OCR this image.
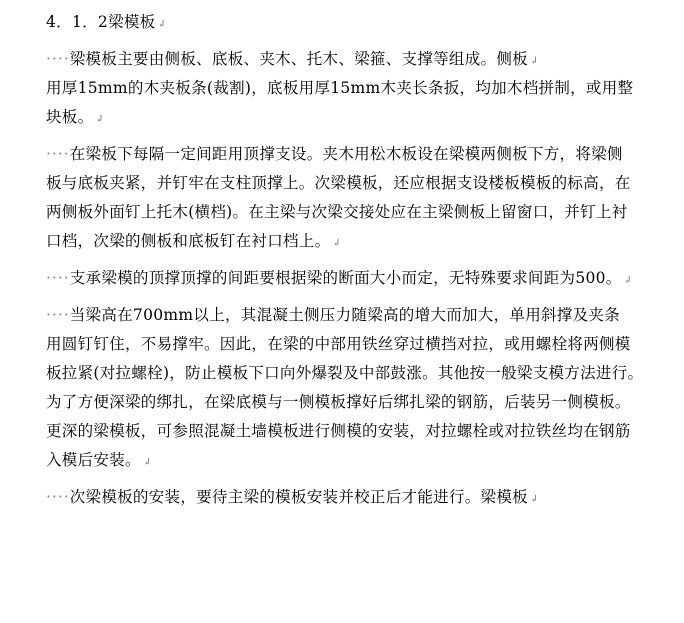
4．1．2梁模板 ↲
····梁模板主要由侧板、底板、夹木、托木、梁箍、支撑等组成。侧板 ↲
用厚15mm的木夹板条(裁割)，底板用厚15mm木夹长条扳，均加木档拼制，或用整
块板。 ↲
····在梁板下每隔一定间距用顶撑支设。夹木用松木板设在梁模两侧板下方，将梁侧
板与底板夹紧，并钉牢在支柱顶撑上。次梁模板，还应根据支设楼板模板的标高，在
两侧板外面钉上托木(横档)。在主梁与次梁交接处应在主梁侧板上留窗口，并钉上衬
口档，次梁的侧板和底板钉在衬口档上。 ↲
····支承梁模的顶撑顶撑的间距要根据梁的断面大小而定，无特殊要求间距为500。 ↲
····当梁高在700mm以上，其混凝土侧压力随梁高的增大而加大，单用斜撑及夹条
用圆钉钉住，不易撑牢。因此，在梁的中部用铁丝穿过横挡对拉，或用螺栓将两侧模
板拉紧(对拉螺栓)，防止模板下口向外爆裂及中部鼓涨。其他按一般梁支模方法进行。
为了方便深梁的绑扎，在梁底模与一侧模板撑好后绑扎梁的钢筋，后装另一侧模板。
更深的梁模板，可参照混凝土墙模板进行侧模的安装，对拉螺栓或对拉铁丝均在钢筋
入模后安装。 ↲
····次梁模板的安装，要待主梁的模板安装并校正后才能进行。梁模板 ↲
